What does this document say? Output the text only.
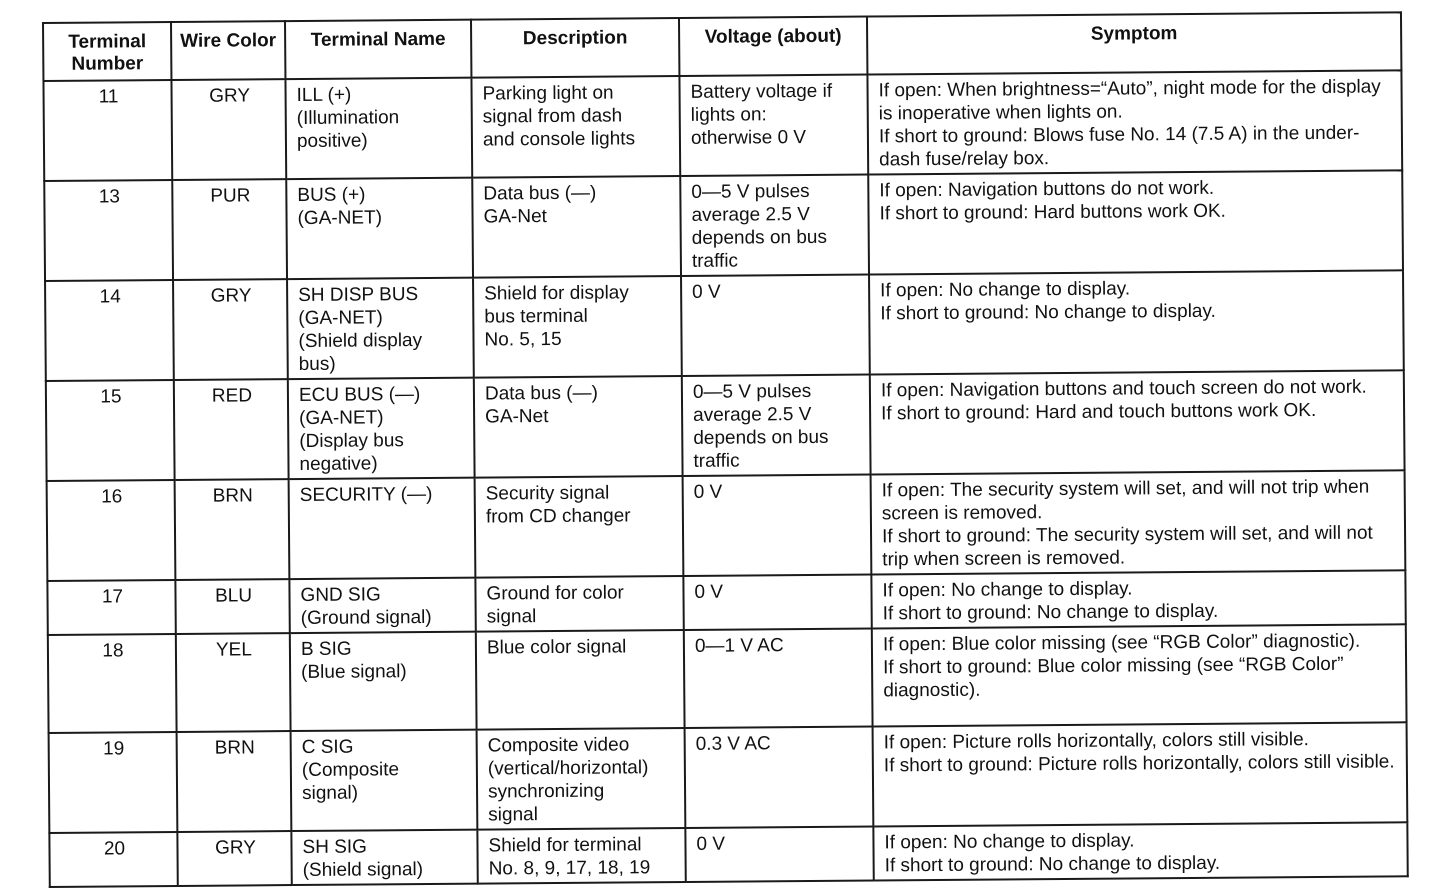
Terminal Number	Wire Color	Terminal Name	Description	Voltage (about)	Symptom
11	GRY	ILL (+)
(Illumination
positive)	Parking light on
signal from dash
and console lights	Battery voltage if
lights on:
otherwise 0 V	If open: When brightness=“Auto”, night mode for the display is inoperative when lights on.
If short to ground: Blows fuse No. 14 (7.5 A) in the under-dash fuse/relay box.
13	PUR	BUS (+)
(GA-NET)	Data bus (—)
GA-Net	0—5 V pulses
average 2.5 V
depends on bus
traffic	If open: Navigation buttons do not work.
If short to ground: Hard buttons work OK.
14	GRY	SH DISP BUS
(GA-NET)
(Shield display
bus)	Shield for display
bus terminal
No. 5, 15	0 V	If open: No change to display.
If short to ground: No change to display.
15	RED	ECU BUS (—)
(GA-NET)
(Display bus
negative)	Data bus (—)
GA-Net	0—5 V pulses
average 2.5 V
depends on bus
traffic	If open: Navigation buttons and touch screen do not work.
If short to ground: Hard and touch buttons work OK.
16	BRN	SECURITY (—)	Security signal
from CD changer	0 V	If open: The security system will set, and will not trip when screen is removed.
If short to ground: The security system will set, and will not trip when screen is removed.
17	BLU	GND SIG
(Ground signal)	Ground for color
signal	0 V	If open: No change to display.
If short to ground: No change to display.
18	YEL	B SIG
(Blue signal)	Blue color signal	0—1 V AC	If open: Blue color missing (see “RGB Color” diagnostic).
If short to ground: Blue color missing (see “RGB Color” diagnostic).
19	BRN	C SIG
(Composite
signal)	Composite video
(vertical/horizontal)
synchronizing
signal	0.3 V AC	If open: Picture rolls horizontally, colors still visible.
If short to ground: Picture rolls horizontally, colors still visible.
20	GRY	SH SIG
(Shield signal)	Shield for terminal
No. 8, 9, 17, 18, 19	0 V	If open: No change to display.
If short to ground: No change to display.
